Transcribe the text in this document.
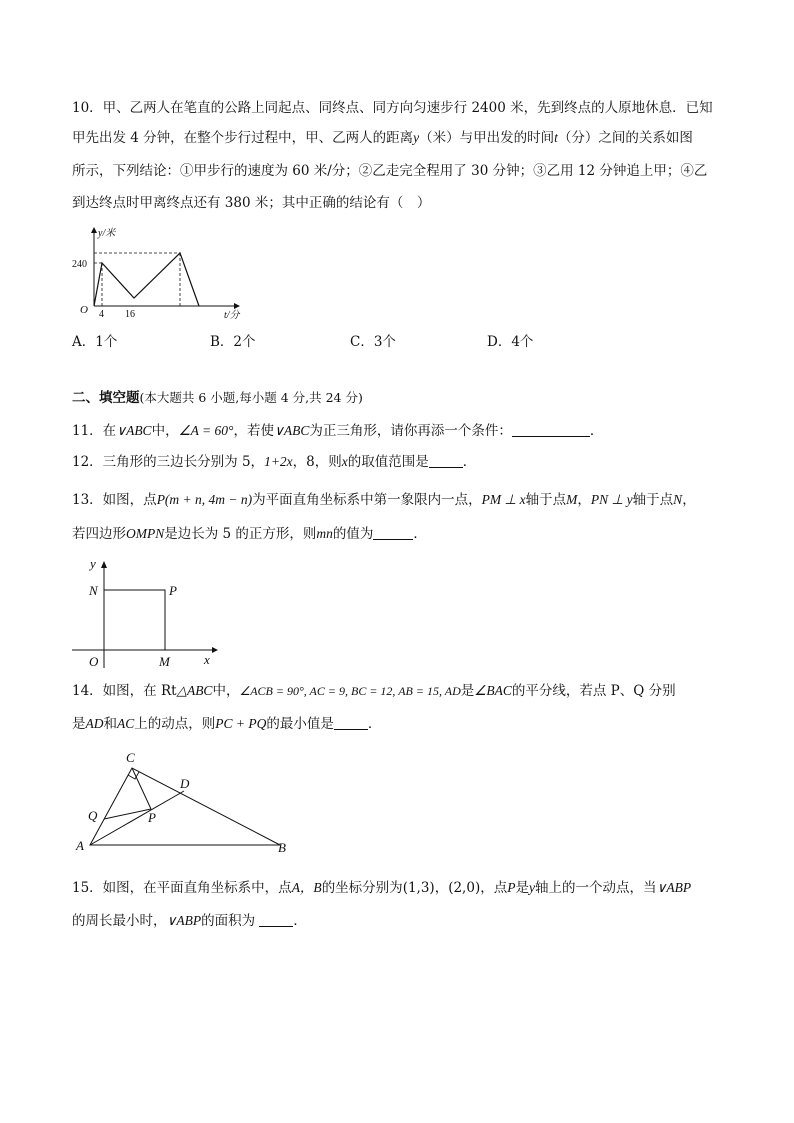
10．甲、乙两人在笔直的公路上同起点、同终点、同方向匀速步行 2400 米，先到终点的人原地休息．已知
甲先出发 4 分钟，在整个步行过程中，甲、乙两人的距离y（米）与甲出发的时间t（分）之间的关系如图
所示，下列结论：①甲步行的速度为 60 米/分；②乙走完全程用了 30 分钟；③乙用 12 分钟追上甲；④乙
到达终点时甲离终点还有 380 米；其中正确的结论有（　）
y/米
t/分
O
240
4 16
A．1个	B．2个	C．3个	D．4个
二、填空题(本大题共 6 小题,每小题 4 分,共 24 分)
11．在∨ABC中，∠A = 60°，若使∨ABC为正三角形，请你再添一个条件：	．
12．三角形的三边长分别为 5，1+2x，8，则x的取值范围是	．
13．如图，点P(m + n, 4m − n)为平面直角坐标系中第一象限内一点，PM ⊥ x轴于点M，PN ⊥ y轴于点N，
若四边形OMPN是边长为 5 的正方形，则mn的值为	．
y
x
N	P
O	M
14．如图，在 Rt△ABC中，∠ACB = 90°, AC = 9, BC = 12, AB = 15, AD是∠BAC的平分线，若点 P、Q 分别
是AD和AC上的动点，则PC + PQ的最小值是	．
C
D
Q	P
A	B
15．如图，在平面直角坐标系中，点A，B的坐标分别为(1,3)，(2,0)，点P是y轴上的一个动点，当∨ABP
的周长最小时，∨ABP的面积为	．
